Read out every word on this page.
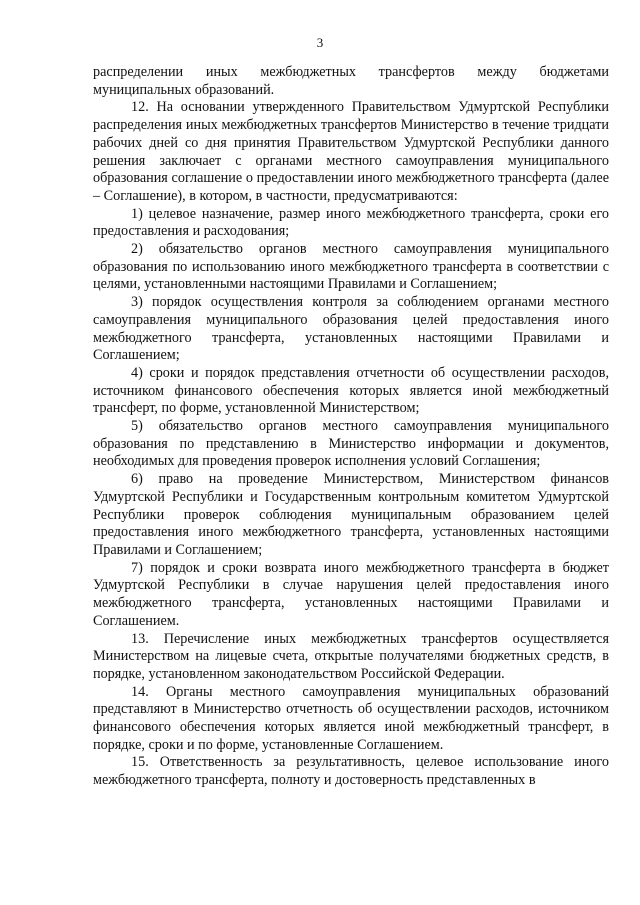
3

распределении иных межбюджетных трансфертов между бюджетами муниципальных образований.

12. На основании утвержденного Правительством Удмуртской Республики распределения иных межбюджетных трансфертов Министерство в течение тридцати рабочих дней со дня принятия Правительством Удмуртской Республики данного решения заключает с органами местного самоуправления муниципального образования соглашение о предоставлении иного межбюджетного трансферта (далее – Соглашение), в котором, в частности, предусматриваются:

1) целевое назначение, размер иного межбюджетного трансферта, сроки его предоставления и расходования;

2) обязательство органов местного самоуправления муниципального образования по использованию иного межбюджетного трансферта в соответствии с целями, установленными настоящими Правилами и Соглашением;

3) порядок осуществления контроля за соблюдением органами местного самоуправления муниципального образования целей предоставления иного межбюджетного трансферта, установленных настоящими Правилами и Соглашением;

4) сроки и порядок представления отчетности об осуществлении расходов, источником финансового обеспечения которых является иной межбюджетный трансферт, по форме, установленной Министерством;

5) обязательство органов местного самоуправления муниципального образования по представлению в Министерство информации и документов, необходимых для проведения проверок исполнения условий Соглашения;

6) право на проведение Министерством, Министерством финансов Удмуртской Республики и Государственным контрольным комитетом Удмуртской Республики проверок соблюдения муниципальным образованием целей предоставления иного межбюджетного трансферта, установленных настоящими Правилами и Соглашением;

7) порядок и сроки возврата иного межбюджетного трансферта в бюджет Удмуртской Республики в случае нарушения целей предоставления иного межбюджетного трансферта, установленных настоящими Правилами и Соглашением.

13. Перечисление иных межбюджетных трансфертов осуществляется Министерством на лицевые счета, открытые получателями бюджетных средств, в порядке, установленном законодательством Российской Федерации.

14. Органы местного самоуправления муниципальных образований представляют в Министерство отчетность об осуществлении расходов, источником финансового обеспечения которых является иной межбюджетный трансферт, в порядке, сроки и по форме, установленные Соглашением.

15. Ответственность за результативность, целевое использование иного межбюджетного трансферта, полноту и достоверность представленных в
